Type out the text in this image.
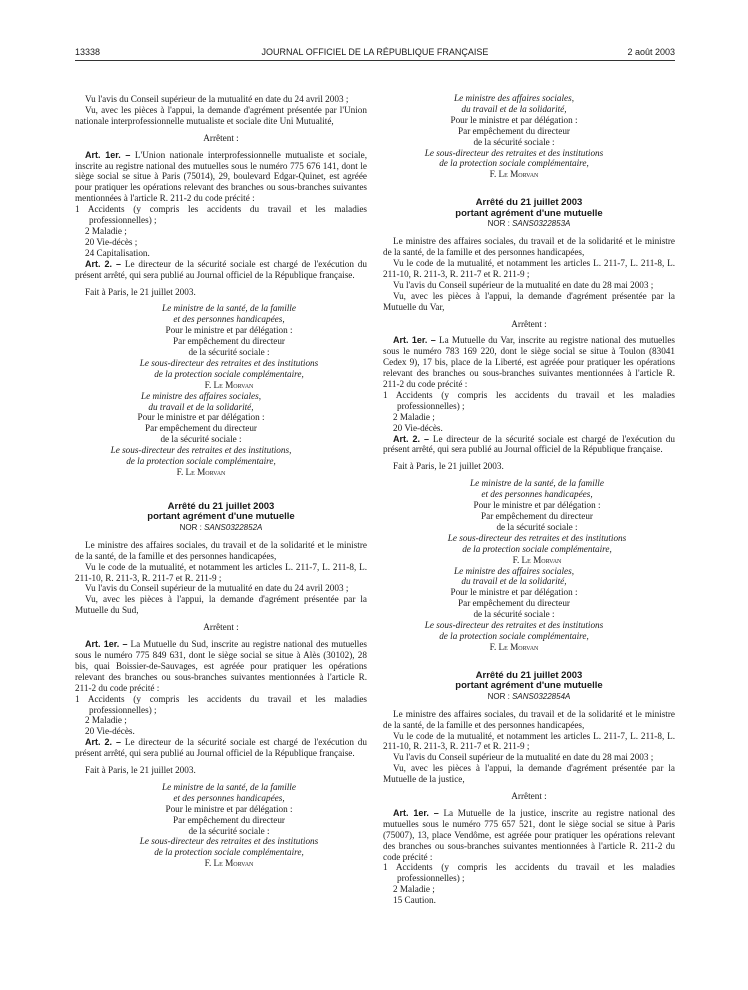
13338	JOURNAL OFFICIEL DE LA RÉPUBLIQUE FRANÇAISE	2 août 2003

Vu l'avis du Conseil supérieur de la mutualité en date du 24 avril 2003 ;

Vu, avec les pièces à l'appui, la demande d'agrément présentée par l'Union nationale interprofessionnelle mutualiste et sociale dite Uni Mutualité,

Arrêtent :

Art. 1er. – L'Union nationale interprofessionnelle mutualiste et sociale, inscrite au registre national des mutuelles sous le numéro 775 676 141, dont le siège social se situe à Paris (75014), 29, boulevard Edgar-Quinet, est agréée pour pratiquer les opérations relevant des branches ou sous-branches suivantes mentionnées à l'article R. 211-2 du code précité :

1 Accidents (y compris les accidents du travail et les maladies professionnelles) ;

2 Maladie ;

20 Vie-décès ;

24 Capitalisation.

Art. 2. – Le directeur de la sécurité sociale est chargé de l'exécution du présent arrêté, qui sera publié au Journal officiel de la République française.

Fait à Paris, le 21 juillet 2003.

Le ministre de la santé, de la famille
et des personnes handicapées,
Pour le ministre et par délégation :
Par empêchement du directeur
de la sécurité sociale :
Le sous-directeur des retraites et des institutions
de la protection sociale complémentaire,
F. Le Morvan
Le ministre des affaires sociales,
du travail et de la solidarité,
Pour le ministre et par délégation :
Par empêchement du directeur
de la sécurité sociale :
Le sous-directeur des retraites et des institutions,
de la protection sociale complémentaire,
F. Le Morvan
Arrêté du 21 juillet 2003
portant agrément d'une mutuelle
NOR : SANS0322852A

Le ministre des affaires sociales, du travail et de la solidarité et le ministre de la santé, de la famille et des personnes handicapées,

Vu le code de la mutualité, et notamment les articles L. 211-7, L. 211-8, L. 211-10, R. 211-3, R. 211-7 et R. 211-9 ;

Vu l'avis du Conseil supérieur de la mutualité en date du 24 avril 2003 ;

Vu, avec les pièces à l'appui, la demande d'agrément présentée par la Mutuelle du Sud,

Arrêtent :

Art. 1er. – La Mutuelle du Sud, inscrite au registre national des mutuelles sous le numéro 775 849 631, dont le siège social se situe à Alès (30102), 28 bis, quai Boissier-de-Sauvages, est agréée pour pratiquer les opérations relevant des branches ou sous-branches suivantes mentionnées à l'article R. 211-2 du code précité :

1 Accidents (y compris les accidents du travail et les maladies professionnelles) ;

2 Maladie ;

20 Vie-décès.

Art. 2. – Le directeur de la sécurité sociale est chargé de l'exécution du présent arrêté, qui sera publié au Journal officiel de la République française.

Fait à Paris, le 21 juillet 2003.

Le ministre de la santé, de la famille
et des personnes handicapées,
Pour le ministre et par délégation :
Par empêchement du directeur
de la sécurité sociale :
Le sous-directeur des retraites et des institutions
de la protection sociale complémentaire,
F. Le Morvan
Le ministre des affaires sociales,
du travail et de la solidarité,
Pour le ministre et par délégation :
Par empêchement du directeur
de la sécurité sociale :
Le sous-directeur des retraites et des institutions
de la protection sociale complémentaire,
F. Le Morvan
Arrêté du 21 juillet 2003
portant agrément d'une mutuelle
NOR : SANS0322853A

Le ministre des affaires sociales, du travail et de la solidarité et le ministre de la santé, de la famille et des personnes handicapées,

Vu le code de la mutualité, et notamment les articles L. 211-7, L. 211-8, L. 211-10, R. 211-3, R. 211-7 et R. 211-9 ;

Vu l'avis du Conseil supérieur de la mutualité en date du 28 mai 2003 ;

Vu, avec les pièces à l'appui, la demande d'agrément présentée par la Mutuelle du Var,

Arrêtent :

Art. 1er. – La Mutuelle du Var, inscrite au registre national des mutuelles sous le numéro 783 169 220, dont le siège social se situe à Toulon (83041 Cedex 9), 17 bis, place de la Liberté, est agréée pour pratiquer les opérations relevant des branches ou sous-branches suivantes mentionnées à l'article R. 211-2 du code précité :

1 Accidents (y compris les accidents du travail et les maladies professionnelles) ;

2 Maladie ;

20 Vie-décès.

Art. 2. – Le directeur de la sécurité sociale est chargé de l'exécution du présent arrêté, qui sera publié au Journal officiel de la République française.

Fait à Paris, le 21 juillet 2003.

Le ministre de la santé, de la famille
et des personnes handicapées,
Pour le ministre et par délégation :
Par empêchement du directeur
de la sécurité sociale :
Le sous-directeur des retraites et des institutions
de la protection sociale complémentaire,
F. Le Morvan
Le ministre des affaires sociales,
du travail et de la solidarité,
Pour le ministre et par délégation :
Par empêchement du directeur
de la sécurité sociale :
Le sous-directeur des retraites et des institutions
de la protection sociale complémentaire,
F. Le Morvan
Arrêté du 21 juillet 2003
portant agrément d'une mutuelle
NOR : SANS0322854A

Le ministre des affaires sociales, du travail et de la solidarité et le ministre de la santé, de la famille et des personnes handicapées,

Vu le code de la mutualité, et notamment les articles L. 211-7, L. 211-8, L. 211-10, R. 211-3, R. 211-7 et R. 211-9 ;

Vu l'avis du Conseil supérieur de la mutualité en date du 28 mai 2003 ;

Vu, avec les pièces à l'appui, la demande d'agrément présentée par la Mutuelle de la justice,

Arrêtent :

Art. 1er. – La Mutuelle de la justice, inscrite au registre national des mutuelles sous le numéro 775 657 521, dont le siège social se situe à Paris (75007), 13, place Vendôme, est agréée pour pratiquer les opérations relevant des branches ou sous-branches suivantes mentionnées à l'article R. 211-2 du code précité :

1 Accidents (y compris les accidents du travail et les maladies professionnelles) ;

2 Maladie ;

15 Caution.
